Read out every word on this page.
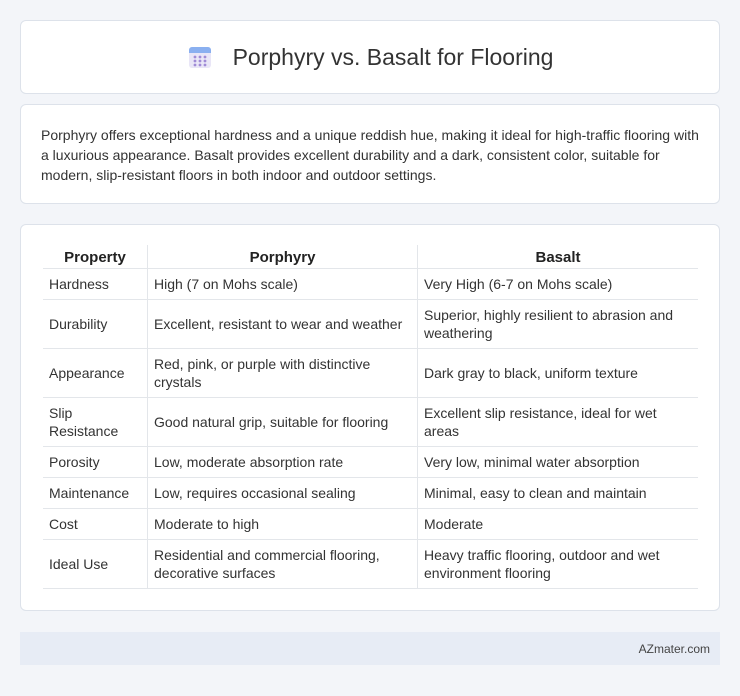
Porphyry vs. Basalt for Flooring

Porphyry offers exceptional hardness and a unique reddish hue, making it ideal for high-traffic flooring with a luxurious appearance. Basalt provides excellent durability and a dark, consistent color, suitable for modern, slip-resistant floors in both indoor and outdoor settings.

Property	Porphyry	Basalt
Hardness	High (7 on Mohs scale)	Very High (6-7 on Mohs scale)
Durability	Excellent, resistant to wear and weather	Superior, highly resilient to abrasion and weathering
Appearance	Red, pink, or purple with distinctive crystals	Dark gray to black, uniform texture
Slip Resistance	Good natural grip, suitable for flooring	Excellent slip resistance, ideal for wet areas
Porosity	Low, moderate absorption rate	Very low, minimal water absorption
Maintenance	Low, requires occasional sealing	Minimal, easy to clean and maintain
Cost	Moderate to high	Moderate
Ideal Use	Residential and commercial flooring, decorative surfaces	Heavy traffic flooring, outdoor and wet environment flooring
AZmater.com
